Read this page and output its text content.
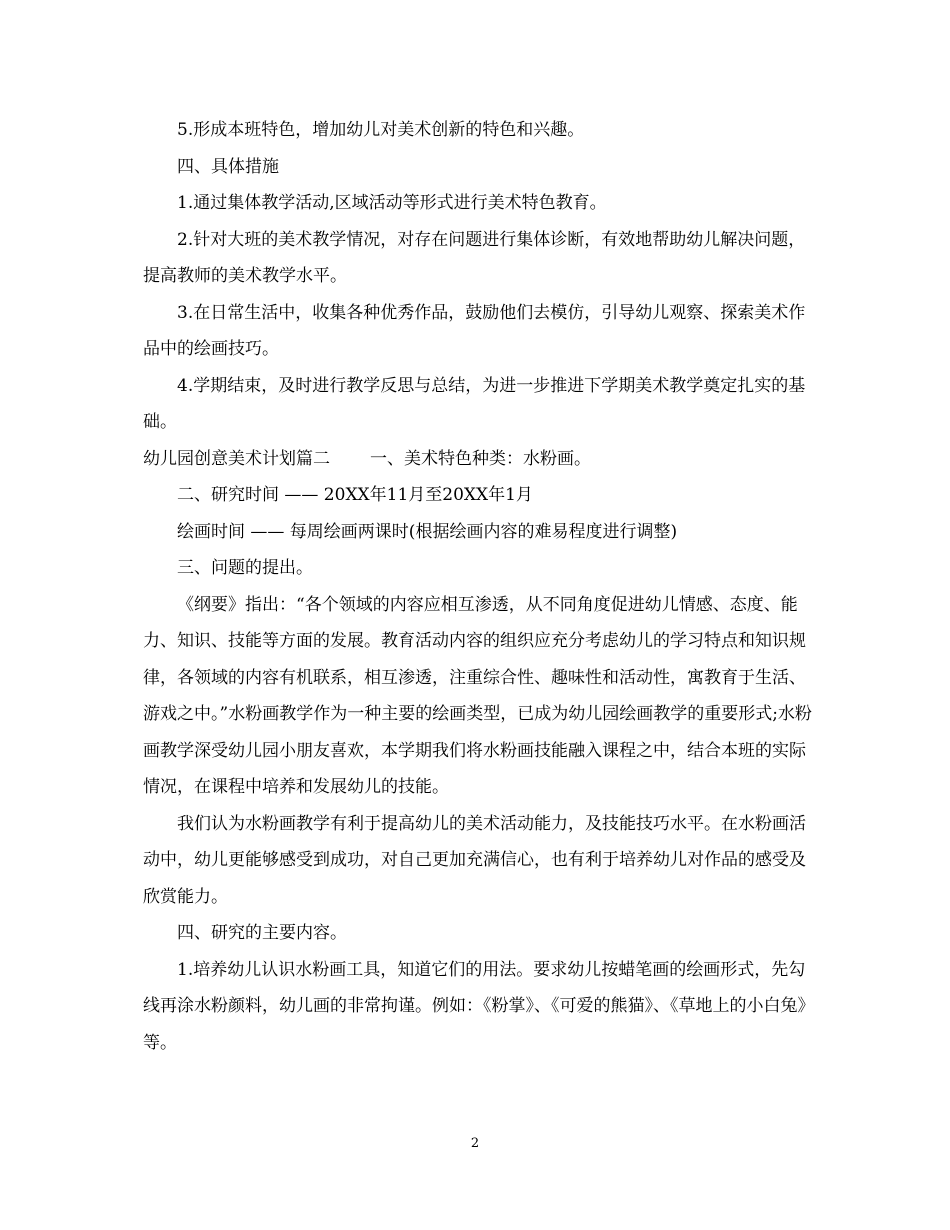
5.形成本班特色，增加幼儿对美术创新的特色和兴趣。

四、具体措施

1.通过集体教学活动,区域活动等形式进行美术特色教育。

2.针对大班的美术教学情况，对存在问题进行集体诊断，有效地帮助幼儿解决问题，提高教师的美术教学水平。

3.在日常生活中，收集各种优秀作品，鼓励他们去模仿，引导幼儿观察、探索美术作品中的绘画技巧。

4.学期结束，及时进行教学反思与总结，为进一步推进下学期美术教学奠定扎实的基础。

幼儿园创意美术计划篇二 一、美术特色种类：水粉画。

二、研究时间 —— 20XX年11月至20XX年1月

绘画时间 —— 每周绘画两课时(根据绘画内容的难易程度进行调整)

三、问题的提出。

《纲要》指出：“各个领域的内容应相互渗透，从不同角度促进幼儿情感、态度、能力、知识、技能等方面的发展。教育活动内容的组织应充分考虑幼儿的学习特点和知识规律，各领域的内容有机联系，相互渗透，注重综合性、趣味性和活动性，寓教育于生活、游戏之中。”水粉画教学作为一种主要的绘画类型，已成为幼儿园绘画教学的重要形式;水粉画教学深受幼儿园小朋友喜欢，本学期我们将水粉画技能融入课程之中，结合本班的实际情况，在课程中培养和发展幼儿的技能。

我们认为水粉画教学有利于提高幼儿的美术活动能力，及技能技巧水平。在水粉画活动中，幼儿更能够感受到成功，对自己更加充满信心，也有利于培养幼儿对作品的感受及欣赏能力。

四、研究的主要内容。

1.培养幼儿认识水粉画工具，知道它们的用法。要求幼儿按蜡笔画的绘画形式，先勾线再涂水粉颜料，幼儿画的非常拘谨。例如：《粉掌》、《可爱的熊猫》、《草地上的小白兔》等。

2
